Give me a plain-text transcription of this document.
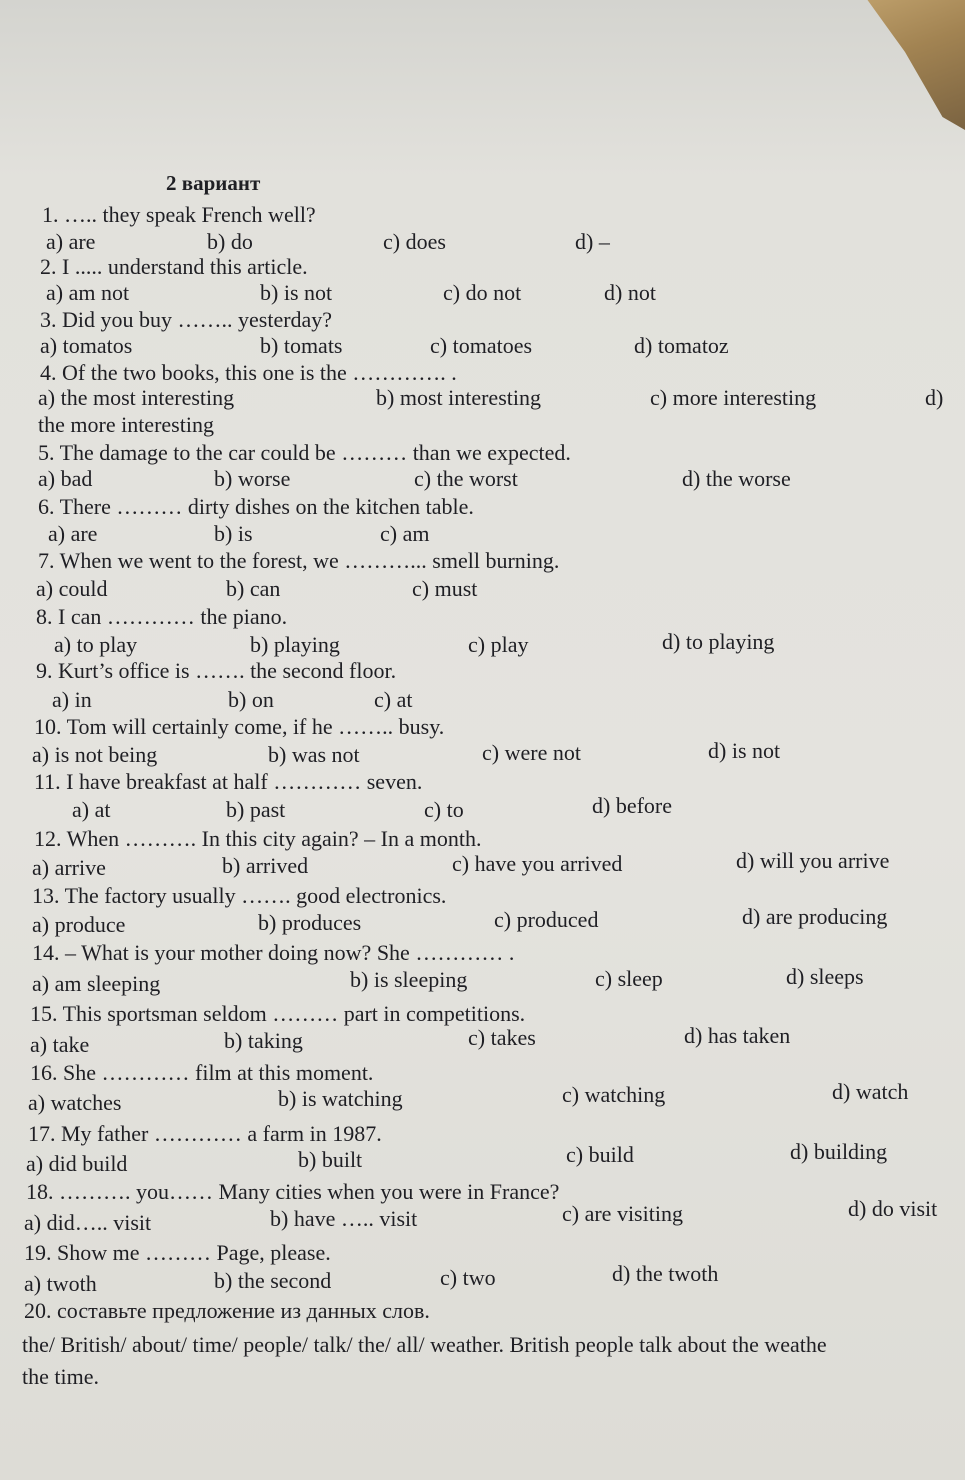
2 вариант
1. ….. they speak French well?
a) are	b) do	c) does	d) –
2. I ..... understand this article.
a) am not	b) is not	c) do not	d) not
3. Did you buy …….. yesterday?
a) tomatos	b) tomats	c) tomatoes	d) tomatoz
4. Of the two books, this one is the …………. .
a) the most interesting	b) most interesting	c) more interesting	d)
the more interesting
5. The damage to the car could be ……… than we expected.
a) bad	b) worse	c) the worst	d) the worse
6. There ……… dirty dishes on the kitchen table.
a) are	b) is	c) am
7. When we went to the forest, we ………... smell burning.
a) could	b) can	c) must
8. I can ………… the piano.
a) to play	b) playing	c) play	d) to playing
9. Kurt’s office is ……. the second floor.
a) in	b) on	c) at
10. Tom will certainly come, if he …….. busy.
a) is not being	b) was not	c) were not	d) is not
11. I have breakfast at half ………… seven.
a) at	b) past	c) to	d) before
12. When ………. In this city again? – In a month.
a) arrive	b) arrived	c) have you arrived	d) will you arrive
13. The factory usually ……. good electronics.
a) produce	b) produces	c) produced	d) are producing
14. – What is your mother doing now? She ………… .
a) am sleeping	b) is sleeping	c) sleep	d) sleeps
15. This sportsman seldom ……… part in competitions.
a) take	b) taking	c) takes	d) has taken
16. She ………… film at this moment.
a) watches	b) is watching	c) watching	d) watch
17. My father ………… a farm in 1987.
a) did build	b) built	c) build	d) building
18. ………. you…… Many cities when you were in France?
a) did….. visit	b) have ….. visit	c) are visiting	d) do visit
19. Show me ……… Page, please.
a) twoth	b) the second	c) two	d) the twoth
20. составьте предложение из данных слов.
the/ British/ about/ time/ people/ talk/ the/ all/ weather. British people talk about the weathe
the time.
